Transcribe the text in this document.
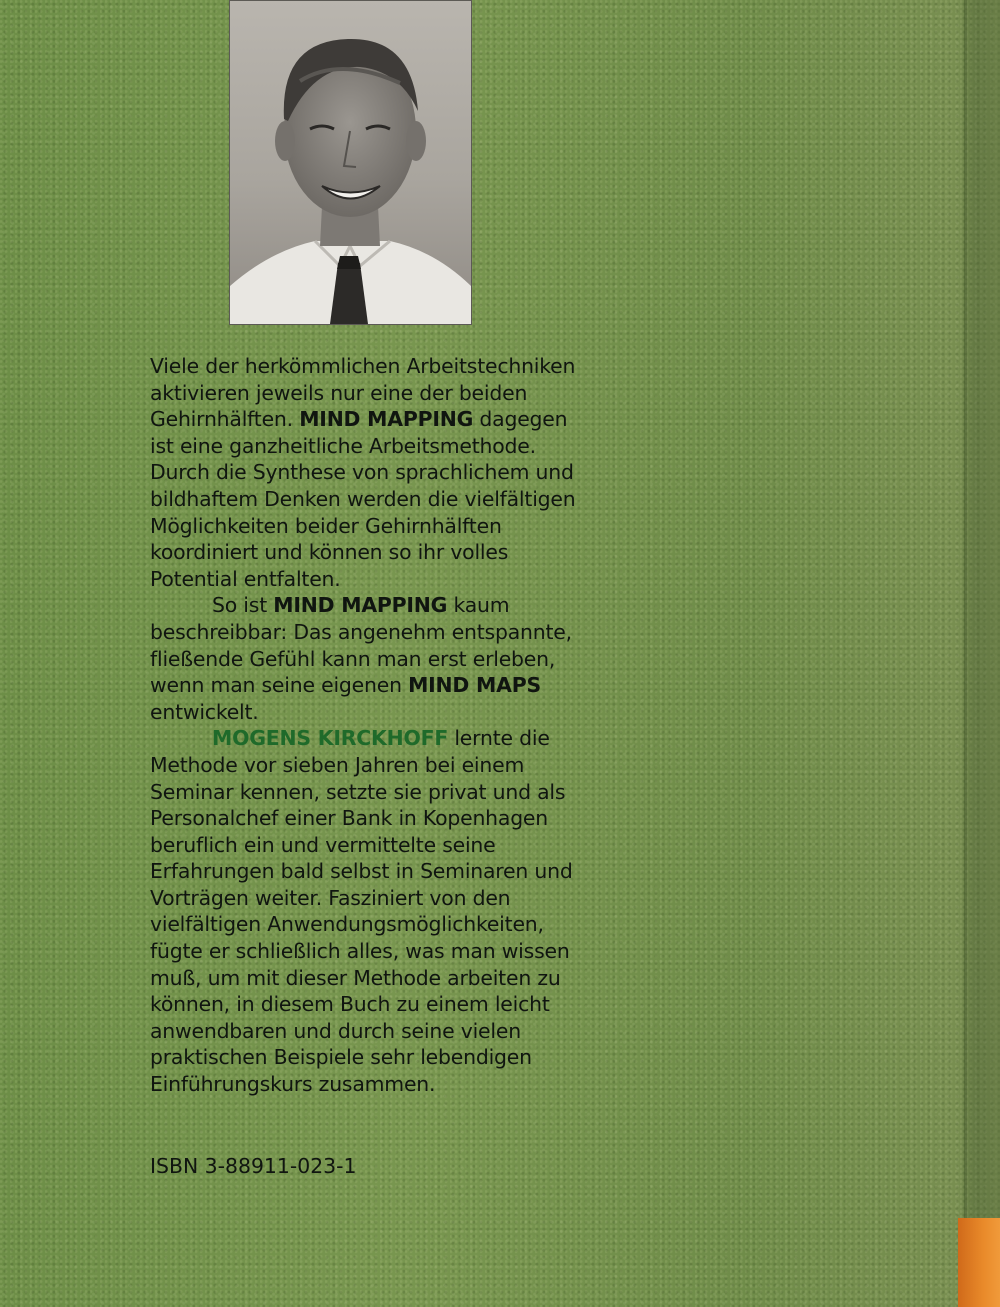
Viele der herkömmlichen Arbeitstechniken aktivieren jeweils nur eine der beiden Gehirnhälften. MIND MAPPING dagegen ist eine ganzheitliche Arbeitsmethode. Durch die Synthese von sprachlichem und bildhaftem Denken werden die vielfältigen Möglichkeiten beider Gehirnhälften koordiniert und können so ihr volles Potential entfalten.

So ist MIND MAPPING kaum beschreibbar: Das angenehm entspannte, fließende Gefühl kann man erst erleben, wenn man seine eigenen MIND MAPS entwickelt.

MOGENS KIRCKHOFF lernte die Methode vor sieben Jahren bei einem Seminar kennen, setzte sie privat und als Personalchef einer Bank in Kopenhagen beruflich ein und vermittelte seine Erfahrungen bald selbst in Seminaren und Vorträgen weiter. Fasziniert von den vielfältigen Anwendungsmöglichkeiten, fügte er schließlich alles, was man wissen muß, um mit dieser Methode arbeiten zu können, in diesem Buch zu einem leicht anwendbaren und durch seine vielen praktischen Beispiele sehr lebendigen Einführungskurs zusammen.

ISBN 3-88911-023-1
